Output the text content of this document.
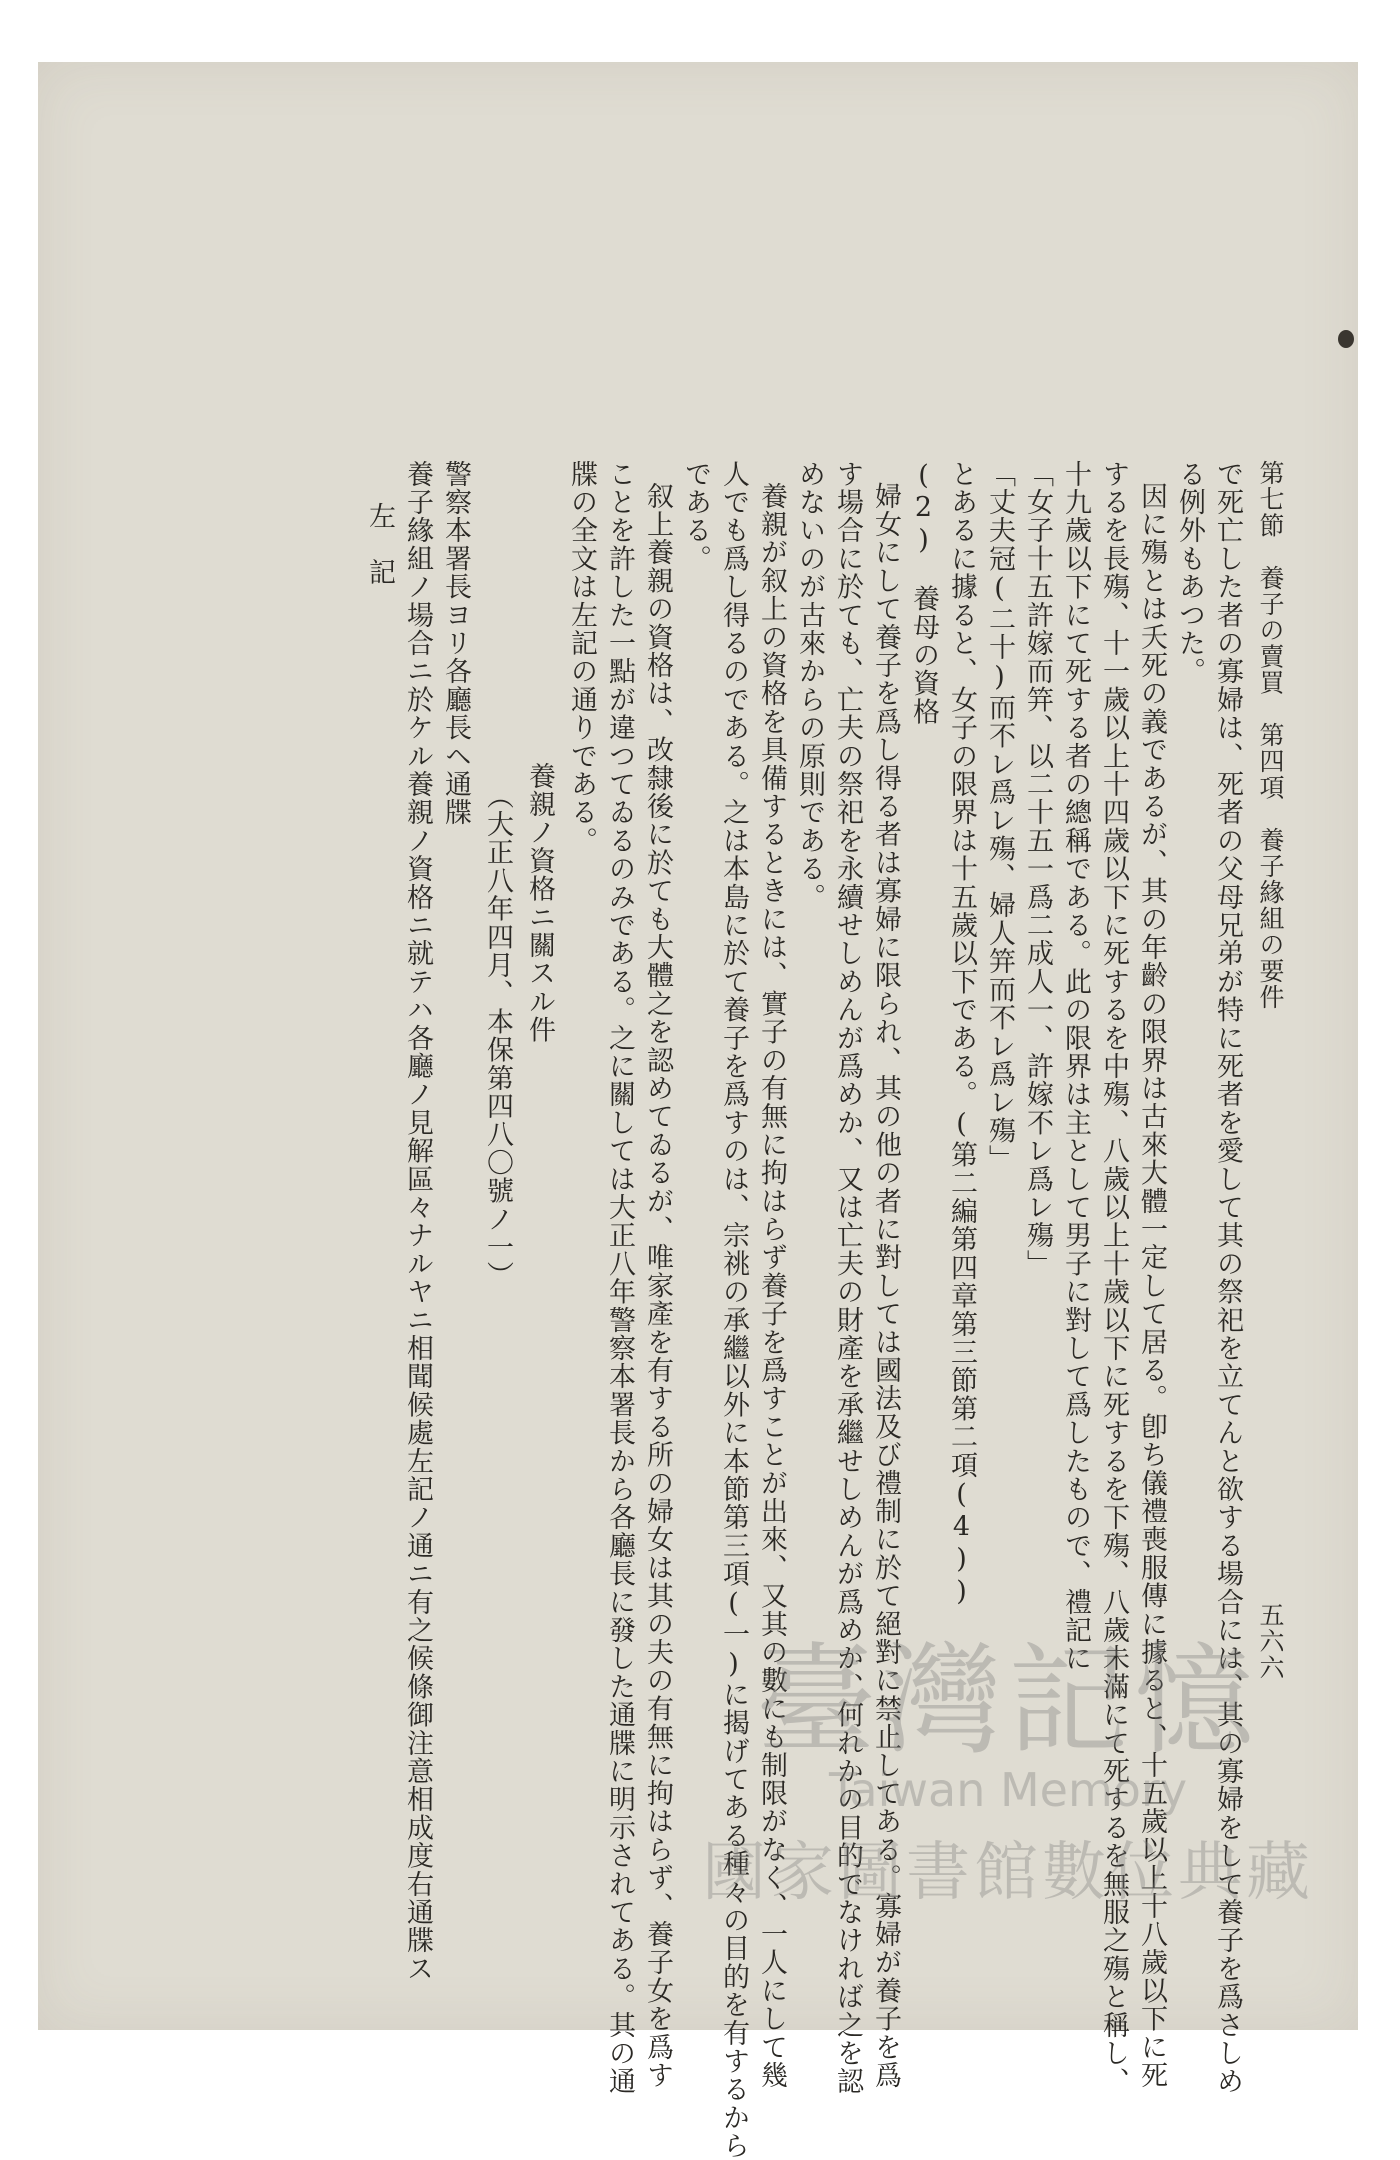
第七節　養子の賣買　第四項　養子緣組の要件
五六六
で死亡した者の寡婦は、死者の父母兄弟が特に死者を愛して其の祭祀を立てんと欲する場合には、其の寡婦をして養子を爲さしめ
る例外もあつた。
因に殤とは夭死の義であるが、其の年齡の限界は古來大體一定して居る。卽ち儀禮喪服傳に據ると、十五歲以上十八歲以下に死
するを長殤、十一歲以上十四歲以下に死するを中殤、八歲以上十歲以下に死するを下殤、八歲未滿にて死するを無服之殤と稱し、
十九歲以下にて死する者の總稱である。此の限界は主として男子に對して爲したもので、禮記に
「女子十五許嫁而笄、以二十五一爲二成人一、許嫁不レ爲レ殤」
「丈夫冠(二十)而不レ爲レ殤、婦人笄而不レ爲レ殤」
とあるに據ると、女子の限界は十五歲以下である。(第二編第四章第三節第二項(4))
(2)　養母の資格
婦女にして養子を爲し得る者は寡婦に限られ、其の他の者に對しては國法及び禮制に於て絕對に禁止してある。寡婦が養子を爲
す場合に於ても、亡夫の祭祀を永續せしめんが爲めか、又は亡夫の財產を承繼せしめんが爲めか、何れかの目的でなければ之を認
めないのが古來からの原則である。
養親が叙上の資格を具備するときには、實子の有無に拘はらず養子を爲すことが出來、又其の數にも制限がなく、一人にして幾
人でも爲し得るのである。之は本島に於て養子を爲すのは、宗祧の承繼以外に本節第三項(一)に揭げてある種々の目的を有するから
である。
叙上養親の資格は、改隸後に於ても大體之を認めてゐるが、唯家產を有する所の婦女は其の夫の有無に拘はらず、養子女を爲す
ことを許した一點が違つてゐるのみである。之に關しては大正八年警察本署長から各廳長に發した通牒に明示されてある。其の通
牒の全文は左記の通りである。
養親ノ資格ニ關スル件
（大正八年四月、本保第四八〇號ノ一）
警察本署長ヨリ各廳長ヘ通牒
養子緣組ノ場合ニ於ケル養親ノ資格ニ就テハ各廳ノ見解區々ナルヤニ相聞候處左記ノ通ニ有之候條御注意相成度右通牒ス
左　記
臺灣記憶
Taiwan Memory
國家圖書館數位典藏
